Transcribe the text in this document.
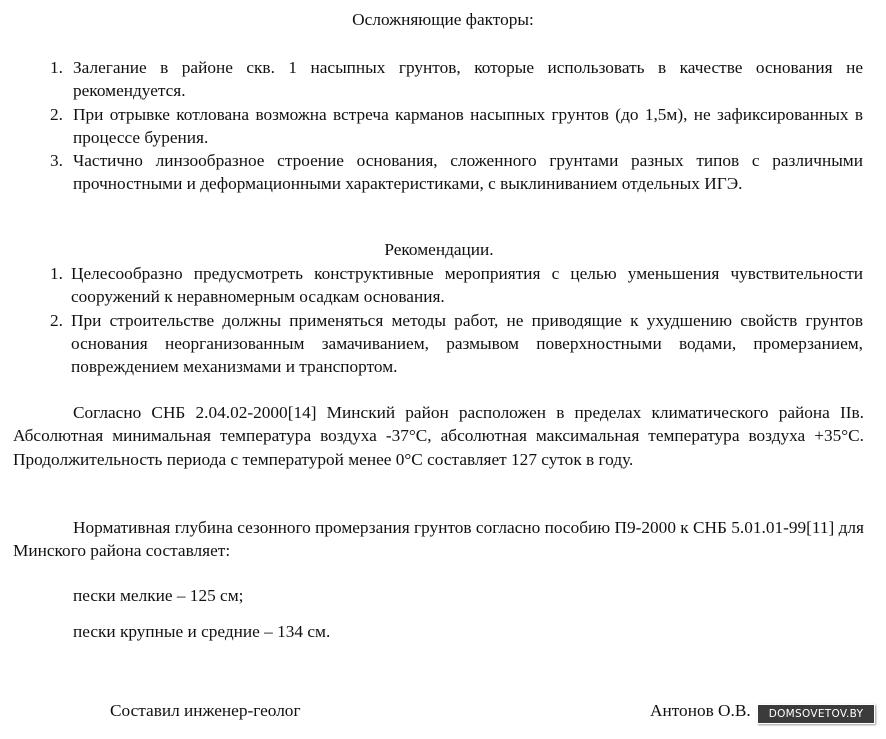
Осложняющие факторы:
1. Залегание в районе скв. 1 насыпных грунтов, которые использовать в качестве основания не рекомендуется.
2. При отрывке котлована возможна встреча карманов насыпных грунтов (до 1,5м), не зафиксированных в процессе бурения.
3. Частично линзообразное строение основания, сложенного грунтами разных типов с различными прочностными и деформационными характеристиками, с выклиниванием отдельных ИГЭ.
Рекомендации.
1. Целесообразно предусмотреть конструктивные мероприятия с целью уменьшения чувствительности сооружений к неравномерным осадкам основания.
2. При строительстве должны применяться методы работ, не приводящие к ухудшению свойств грунтов основания неорганизованным замачиванием, размывом поверхностными водами, промерзанием, повреждением механизмами и транспортом.

Согласно СНБ 2.04.02-2000[14] Минский район расположен в пределах климатического района IIв. Абсолютная минимальная температура воздуха -37°С, абсолютная максимальная температура воздуха +35°С. Продолжительность периода с температурой менее 0°С составляет 127 суток в году.

Нормативная глубина сезонного промерзания грунтов согласно пособию П9-2000 к СНБ 5.01.01-99[11] для Минского района составляет:

пески мелкие – 125 см;
пески крупные и средние – 134 см.
Составил инженер-геолог	Антонов О.В.	DOMSOVETOV.BY
